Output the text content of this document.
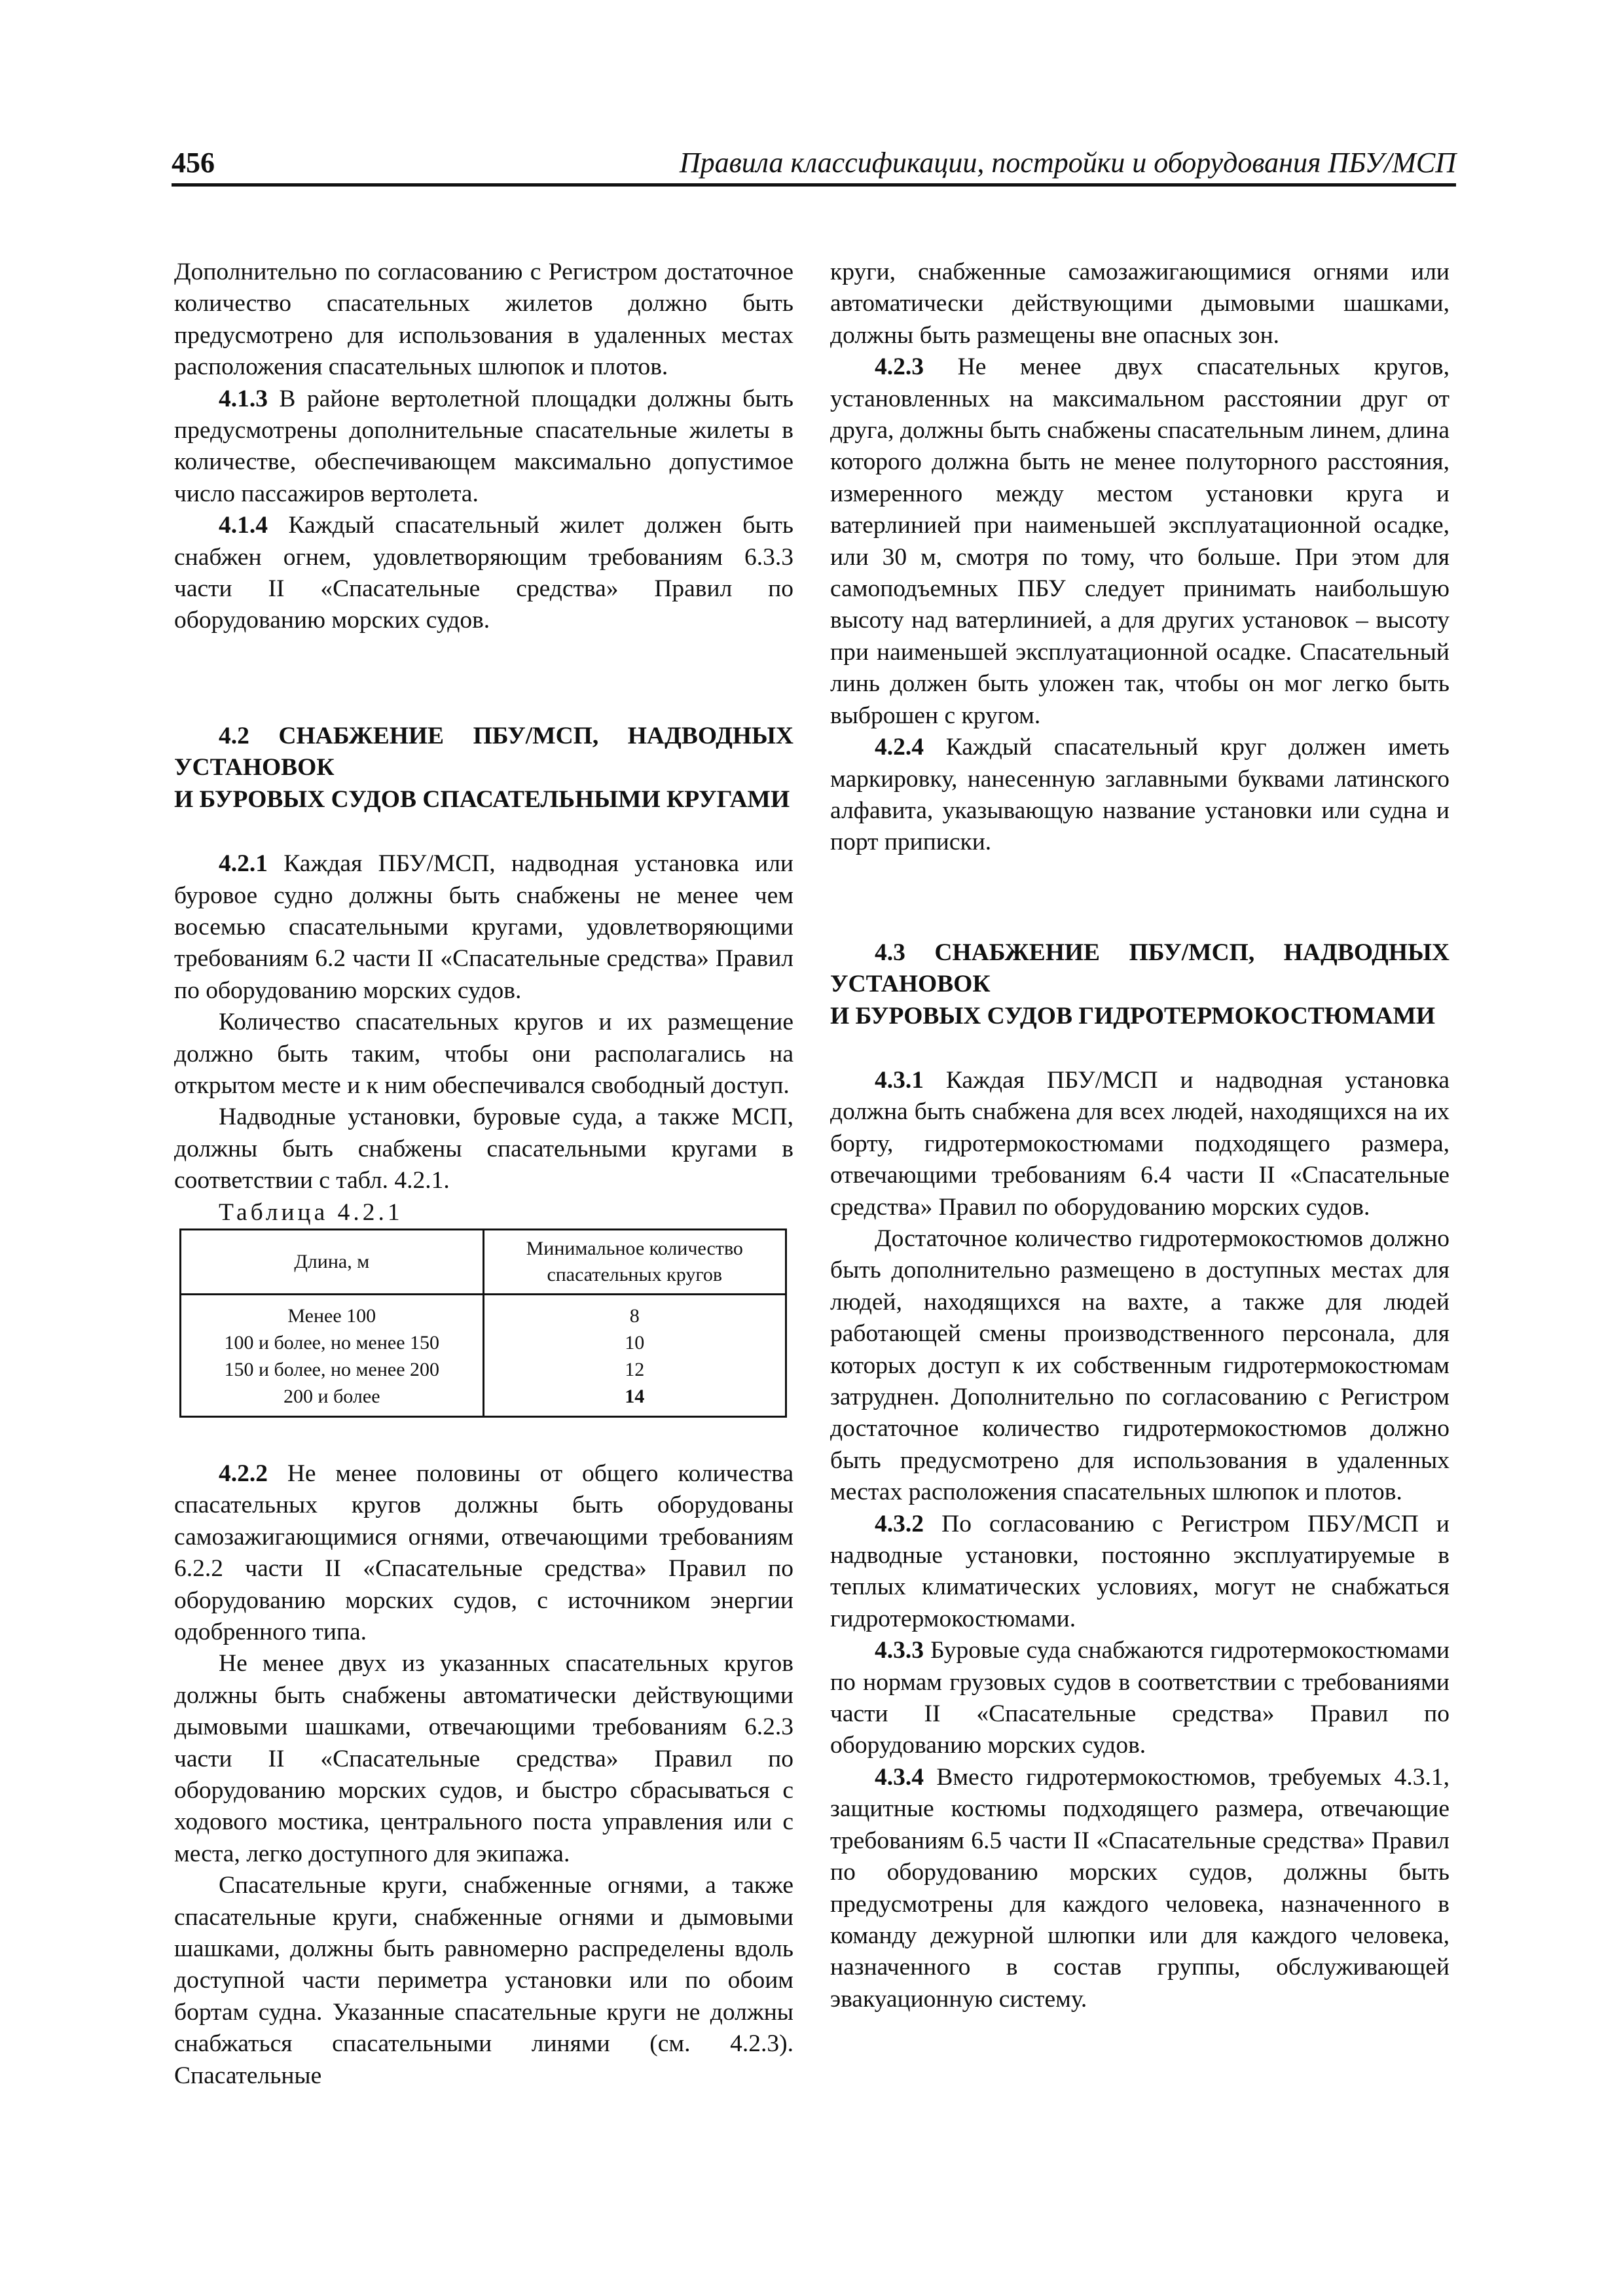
456	Правила классификации, постройки и оборудования ПБУ/МСП

Дополнительно по согласованию с Регистром достаточное количество спасательных жилетов должно быть предусмотрено для использования в удаленных местах расположения спасательных шлюпок и плотов.

4.1.3 В районе вертолетной площадки должны быть предусмотрены дополнительные спасательные жилеты в количестве, обеспечивающем максимально допустимое число пассажиров вертолета.

4.1.4 Каждый спасательный жилет должен быть снабжен огнем, удовлетворяющим требованиям 6.3.3 части II «Спасательные средства» Правил по оборудованию морских судов.

4.2 СНАБЖЕНИЕ ПБУ/МСП, НАДВОДНЫХ УСТАНОВОК
И БУРОВЫХ СУДОВ СПАСАТЕЛЬНЫМИ КРУГАМИ

4.2.1 Каждая ПБУ/МСП, надводная установка или буровое судно должны быть снабжены не менее чем восемью спасательными кругами, удовлетворяющими требованиям 6.2 части II «Спасательные средства» Правил по оборудованию морских судов.

Количество спасательных кругов и их размещение должно быть таким, чтобы они располагались на открытом месте и к ним обеспечивался свободный доступ.

Надводные установки, буровые суда, а также МСП, должны быть снабжены спасательными кругами в соответствии с табл. 4.2.1.

Таблица 4.2.1

Длина, м	Минимальное количество спасательных кругов
Менее 100	8
100 и более, но менее 150	10
150 и более, но менее 200	12
200 и более	14

4.2.2 Не менее половины от общего количества спасательных кругов должны быть оборудованы самозажигающимися огнями, отвечающими требованиям 6.2.2 части II «Спасательные средства» Правил по оборудованию морских судов, с источником энергии одобренного типа.

Не менее двух из указанных спасательных кругов должны быть снабжены автоматически действующими дымовыми шашками, отвечающими требованиям 6.2.3 части II «Спасательные средства» Правил по оборудованию морских судов, и быстро сбрасываться с ходового мостика, центрального поста управления или с места, легко доступного для экипажа.

Спасательные круги, снабженные огнями, а также спасательные круги, снабженные огнями и дымовыми шашками, должны быть равномерно распределены вдоль доступной части периметра установки или по обоим бортам судна. Указанные спасательные круги не должны снабжаться спасательными линями (см. 4.2.3). Спасательные

круги, снабженные самозажигающимися огнями или автоматически действующими дымовыми шашками, должны быть размещены вне опасных зон.

4.2.3 Не менее двух спасательных кругов, установленных на максимальном расстоянии друг от друга, должны быть снабжены спасательным линем, длина которого должна быть не менее полуторного расстояния, измеренного между местом установки круга и ватерлинией при наименьшей эксплуатационной осадке, или 30 м, смотря по тому, что больше. При этом для самоподъемных ПБУ следует принимать наибольшую высоту над ватерлинией, а для других установок – высоту при наименьшей эксплуатационной осадке. Спасательный линь должен быть уложен так, чтобы он мог легко быть выброшен с кругом.

4.2.4 Каждый спасательный круг должен иметь маркировку, нанесенную заглавными буквами латинского алфавита, указывающую название установки или судна и порт приписки.

4.3 СНАБЖЕНИЕ ПБУ/МСП, НАДВОДНЫХ УСТАНОВОК
И БУРОВЫХ СУДОВ ГИДРОТЕРМОКОСТЮМАМИ

4.3.1 Каждая ПБУ/МСП и надводная установка должна быть снабжена для всех людей, находящихся на их борту, гидротермокостюмами подходящего размера, отвечающими требованиям 6.4 части II «Спасательные средства» Правил по оборудованию морских судов.

Достаточное количество гидротермокостюмов должно быть дополнительно размещено в доступных местах для людей, находящихся на вахте, а также для людей работающей смены производственного персонала, для которых доступ к их собственным гидротермокостюмам затруднен. Дополнительно по согласованию с Регистром достаточное количество гидротермокостюмов должно быть предусмотрено для использования в удаленных местах расположения спасательных шлюпок и плотов.

4.3.2 По согласованию с Регистром ПБУ/МСП и надводные установки, постоянно эксплуатируемые в теплых климатических условиях, могут не снабжаться гидротермокостюмами.

4.3.3 Буровые суда снабжаются гидротермокостюмами по нормам грузовых судов в соответствии с требованиями части II «Спасательные средства» Правил по оборудованию морских судов.

4.3.4 Вместо гидротермокостюмов, требуемых 4.3.1, защитные костюмы подходящего размера, отвечающие требованиям 6.5 части II «Спасательные средства» Правил по оборудованию морских судов, должны быть предусмотрены для каждого человека, назначенного в команду дежурной шлюпки или для каждого человека, назначенного в состав группы, обслуживающей эвакуационную систему.
